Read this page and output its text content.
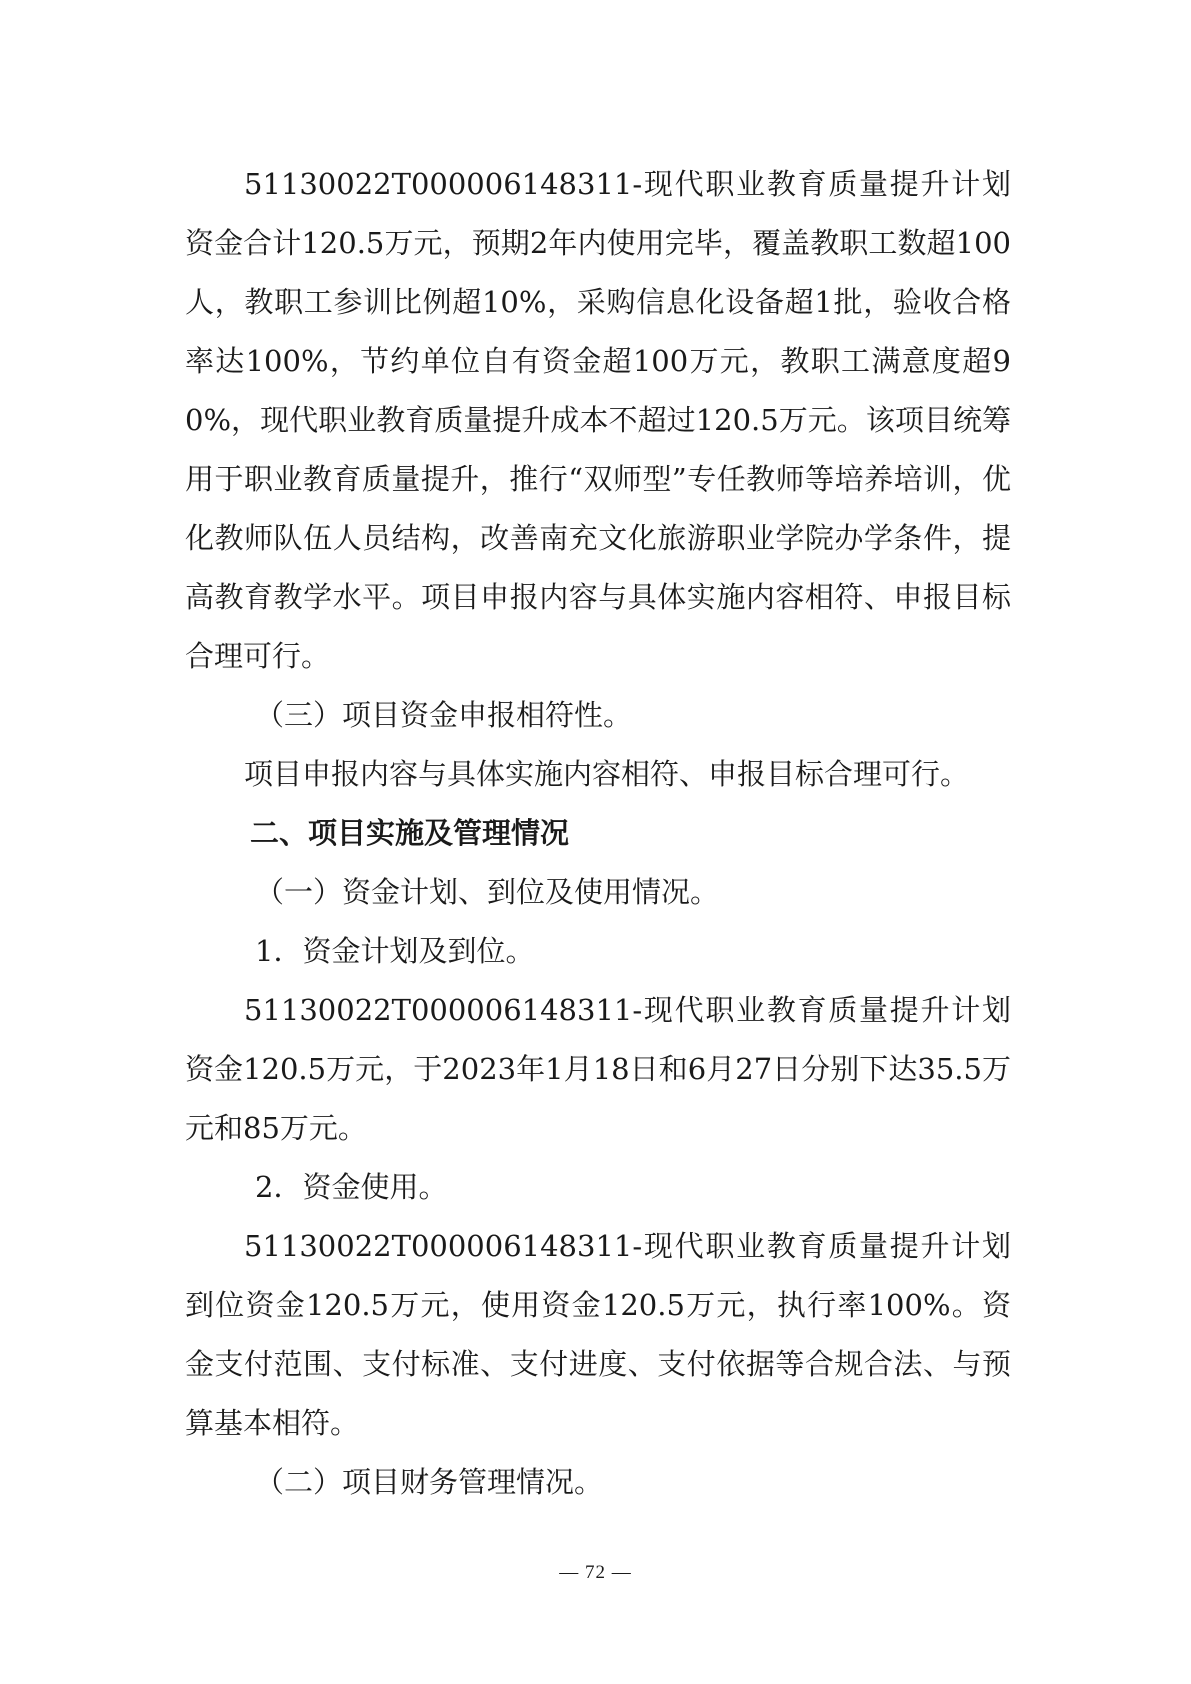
51130022T000006148311-现代职业教育质量提升计划资金合计120.5万元，预期2年内使用完毕，覆盖教职工数超100人，教职工参训比例超10%，采购信息化设备超1批，验收合格率达100%，节约单位自有资金超100万元，教职工满意度超90%，现代职业教育质量提升成本不超过120.5万元。该项目统筹用于职业教育质量提升，推行“双师型”专任教师等培养培训，优化教师队伍人员结构，改善南充文化旅游职业学院办学条件，提高教育教学水平。项目申报内容与具体实施内容相符、申报目标合理可行。

（三）项目资金申报相符性。

项目申报内容与具体实施内容相符、申报目标合理可行。

二、项目实施及管理情况

（一）资金计划、到位及使用情况。

1．资金计划及到位。

51130022T000006148311-现代职业教育质量提升计划资金120.5万元，于2023年1月18日和6月27日分别下达35.5万元和85万元。

2．资金使用。

51130022T000006148311-现代职业教育质量提升计划到位资金120.5万元，使用资金120.5万元，执行率100%。资金支付范围、支付标准、支付进度、支付依据等合规合法、与预算基本相符。

（二）项目财务管理情况。

— 72 —
